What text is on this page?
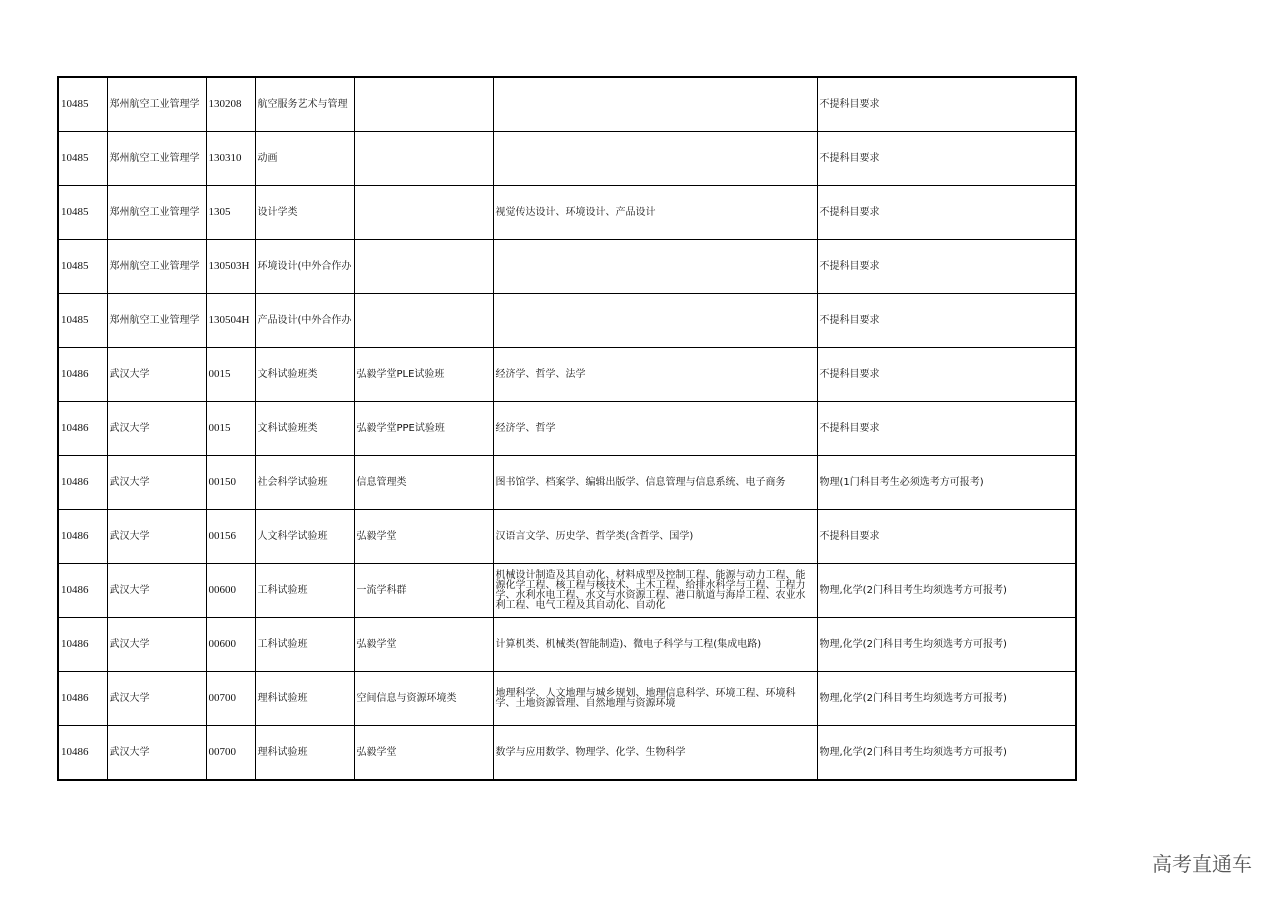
10485	郑州航空工业管理学	130208	航空服务艺术与管理			不提科目要求
10485	郑州航空工业管理学	130310	动画			不提科目要求
10485	郑州航空工业管理学	1305	设计学类		视觉传达设计、环境设计、产品设计	不提科目要求
10485	郑州航空工业管理学	130503H	环境设计(中外合作办			不提科目要求
10485	郑州航空工业管理学	130504H	产品设计(中外合作办			不提科目要求
10486	武汉大学	0015	文科试验班类	弘毅学堂PLE试验班	经济学、哲学、法学	不提科目要求
10486	武汉大学	0015	文科试验班类	弘毅学堂PPE试验班	经济学、哲学	不提科目要求
10486	武汉大学	00150	社会科学试验班	信息管理类	图书馆学、档案学、编辑出版学、信息管理与信息系统、电子商务	物理(1门科目考生必须选考方可报考)
10486	武汉大学	00156	人文科学试验班	弘毅学堂	汉语言文学、历史学、哲学类(含哲学、国学)	不提科目要求
10486	武汉大学	00600	工科试验班	一流学科群	机械设计制造及其自动化、材料成型及控制工程、能源与动力工程、能源化学工程、核工程与核技术、土木工程、给排水科学与工程、工程力学、水利水电工程、水文与水资源工程、港口航道与海岸工程、农业水利工程、电气工程及其自动化、自动化	物理,化学(2门科目考生均须选考方可报考)
10486	武汉大学	00600	工科试验班	弘毅学堂	计算机类、机械类(智能制造)、微电子科学与工程(集成电路)	物理,化学(2门科目考生均须选考方可报考)
10486	武汉大学	00700	理科试验班	空间信息与资源环境类	地理科学、人文地理与城乡规划、地理信息科学、环境工程、环境科学、土地资源管理、自然地理与资源环境	物理,化学(2门科目考生均须选考方可报考)
10486	武汉大学	00700	理科试验班	弘毅学堂	数学与应用数学、物理学、化学、生物科学	物理,化学(2门科目考生均须选考方可报考)
高考直通车
